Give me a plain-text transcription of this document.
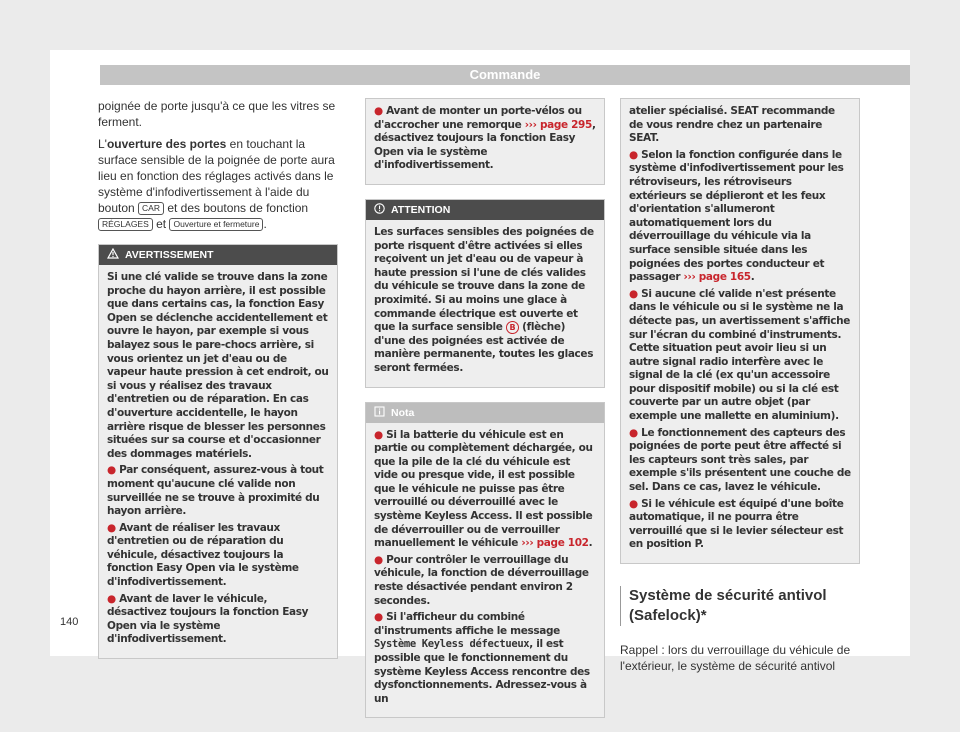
Commande

poignée de porte jusqu'à ce que les vitres se ferment.

L'ouverture des portes en touchant la surface sensible de la poignée de porte aura lieu en fonction des réglages activés dans le système d'infodivertissement à l'aide du bouton CAR et des boutons de fonction RÉGLAGES et Ouverture et fermeture .

AVERTISSEMENT

Si une clé valide se trouve dans la zone proche du hayon arrière, il est possible que dans certains cas, la fonction Easy Open se déclenche accidentellement et ouvre le hayon, par exemple si vous balayez sous le pare-chocs arrière, si vous orientez un jet d'eau ou de vapeur haute pression à cet endroit, ou si vous y réalisez des travaux d'entretien ou de réparation. En cas d'ouverture accidentelle, le hayon arrière risque de blesser les personnes situées sur sa course et d'occasionner des dommages matériels.

● Par conséquent, assurez-vous à tout moment qu'aucune clé valide non surveillée ne se trouve à proximité du hayon arrière.

● Avant de réaliser les travaux d'entretien ou de réparation du véhicule, désactivez toujours la fonction Easy Open via le système d'infodivertissement.

● Avant de laver le véhicule, désactivez toujours la fonction Easy Open via le système d'infodivertissement.

● Avant de monter un porte-vélos ou d'accrocher une remorque ››› page 295, désactivez toujours la fonction Easy Open via le système d'infodivertissement.

ATTENTION

Les surfaces sensibles des poignées de porte risquent d'être activées si elles reçoivent un jet d'eau ou de vapeur à haute pression si l'une de clés valides du véhicule se trouve dans la zone de proximité. Si au moins une glace à commande électrique est ouverte et que la surface sensible B (flèche) d'une des poignées est activée de manière permanente, toutes les glaces seront fermées.

Nota

● Si la batterie du véhicule est en partie ou complètement déchargée, ou que la pile de la clé du véhicule est vide ou presque vide, il est possible que le véhicule ne puisse pas être verrouillé ou déverrouillé avec le système Keyless Access. Il est possible de déverrouiller ou de verrouiller manuellement le véhicule ››› page 102.

● Pour contrôler le verrouillage du véhicule, la fonction de déverrouillage reste désactivée pendant environ 2 secondes.

● Si l'afficheur du combiné d'instruments affiche le message Système Keyless défectueux, il est possible que le fonctionnement du système Keyless Access rencontre des dysfonctionnements. Adressez-vous à un

atelier spécialisé. SEAT recommande de vous rendre chez un partenaire SEAT.

● Selon la fonction configurée dans le système d'infodivertissement pour les rétroviseurs, les rétroviseurs extérieurs se déplieront et les feux d'orientation s'allumeront automatiquement lors du déverrouillage du véhicule via la surface sensible située dans les poignées des portes conducteur et passager ››› page 165.

● Si aucune clé valide n'est présente dans le véhicule ou si le système ne la détecte pas, un avertissement s'affiche sur l'écran du combiné d'instruments. Cette situation peut avoir lieu si un autre signal radio interfère avec le signal de la clé (ex qu'un accessoire pour dispositif mobile) ou si la clé est couverte par un autre objet (par exemple une mallette en aluminium).

● Le fonctionnement des capteurs des poignées de porte peut être affecté si les capteurs sont très sales, par exemple s'ils présentent une couche de sel. Dans ce cas, lavez le véhicule.

● Si le véhicule est équipé d'une boîte automatique, il ne pourra être verrouillé que si le levier sélecteur est en position P.

Système de sécurité antivol (Safelock)*

Rappel : lors du verrouillage du véhicule de l'extérieur, le système de sécurité antivol

140
